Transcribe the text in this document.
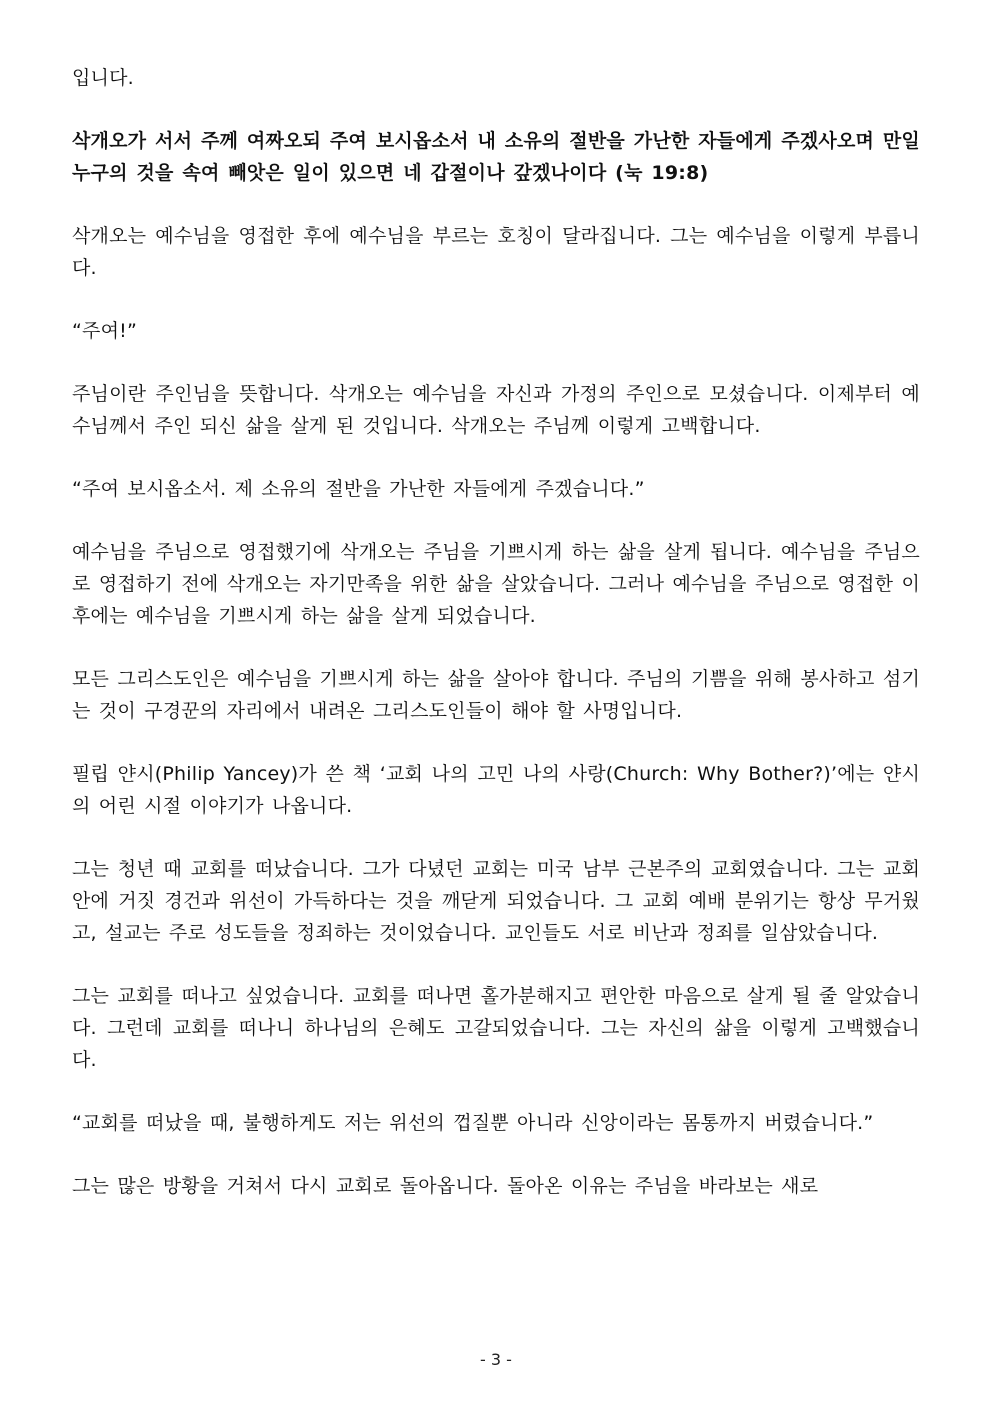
입니다.

삭개오가 서서 주께 여짜오되 주여 보시옵소서 내 소유의 절반을 가난한 자들에게 주겠사오며 만일 누구의 것을 속여 빼앗은 일이 있으면 네 갑절이나 갚겠나이다 (눅 19:8)

삭개오는 예수님을 영접한 후에 예수님을 부르는 호칭이 달라집니다. 그는 예수님을 이렇게 부릅니다.

“주여!”

주님이란 주인님을 뜻합니다. 삭개오는 예수님을 자신과 가정의 주인으로 모셨습니다. 이제부터 예수님께서 주인 되신 삶을 살게 된 것입니다. 삭개오는 주님께 이렇게 고백합니다.

“주여 보시옵소서. 제 소유의 절반을 가난한 자들에게 주겠습니다.”

예수님을 주님으로 영접했기에 삭개오는 주님을 기쁘시게 하는 삶을 살게 됩니다. 예수님을 주님으로 영접하기 전에 삭개오는 자기만족을 위한 삶을 살았습니다. 그러나 예수님을 주님으로 영접한 이후에는 예수님을 기쁘시게 하는 삶을 살게 되었습니다.

모든 그리스도인은 예수님을 기쁘시게 하는 삶을 살아야 합니다. 주님의 기쁨을 위해 봉사하고 섬기는 것이 구경꾼의 자리에서 내려온 그리스도인들이 해야 할 사명입니다.

필립 얀시(Philip Yancey)가 쓴 책 ‘교회 나의 고민 나의 사랑(Church: Why Bother?)’에는 얀시의 어린 시절 이야기가 나옵니다.

그는 청년 때 교회를 떠났습니다. 그가 다녔던 교회는 미국 남부 근본주의 교회였습니다. 그는 교회 안에 거짓 경건과 위선이 가득하다는 것을 깨닫게 되었습니다. 그 교회 예배 분위기는 항상 무거웠고, 설교는 주로 성도들을 정죄하는 것이었습니다. 교인들도 서로 비난과 정죄를 일삼았습니다.

그는 교회를 떠나고 싶었습니다. 교회를 떠나면 홀가분해지고 편안한 마음으로 살게 될 줄 알았습니다. 그런데 교회를 떠나니 하나님의 은혜도 고갈되었습니다. 그는 자신의 삶을 이렇게 고백했습니다.

“교회를 떠났을 때, 불행하게도 저는 위선의 껍질뿐 아니라 신앙이라는 몸통까지 버렸습니다.”

그는 많은 방황을 거쳐서 다시 교회로 돌아옵니다. 돌아온 이유는 주님을 바라보는 새로

- 3 -
